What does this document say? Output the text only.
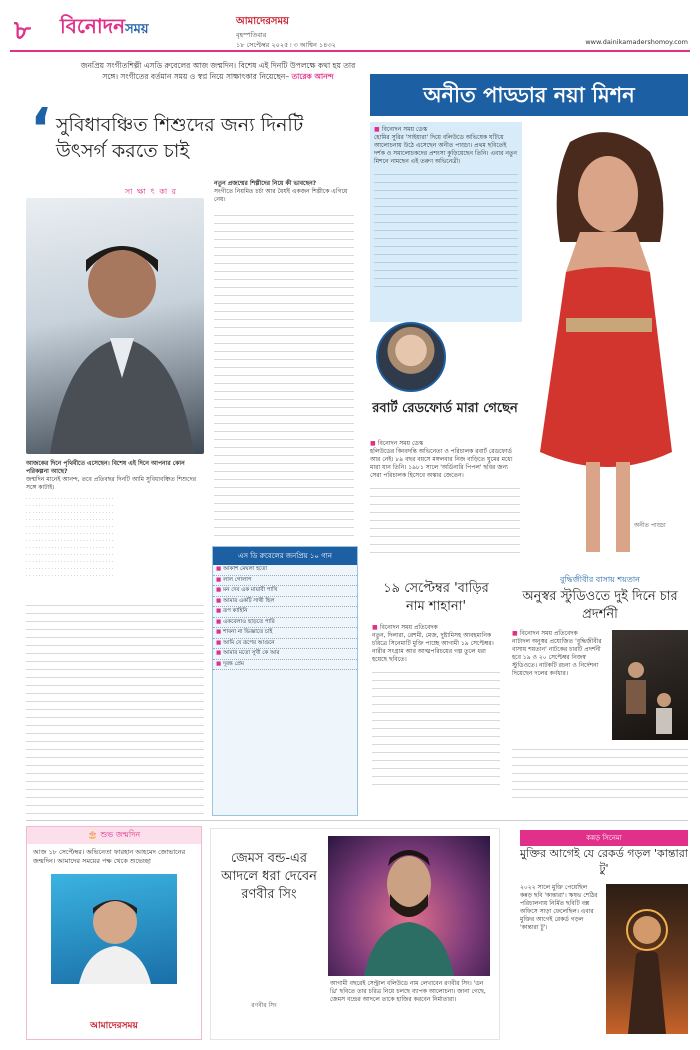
৮ বিনোদনসময়
আমাদেরসময়
বৃহস্পতিবার
১৮ সেপ্টেম্বর ২০২৫ ৷ ৩ আশ্বিন ১৪৩২	www.dainikamadershomoy.com
জনপ্রিয় সংগীতশিল্পী এসডি রুবেলের আজ জন্মদিন। বিশেষ এই দিনটি উপলক্ষে কথা হয় তার সঙ্গে। সংগীতের বর্তমান সময় ও স্বপ্ন নিয়ে সাক্ষাৎকার নিয়েছেন– তারেক আনন্দ
‘ সুবিধাবঞ্চিত শিশুদের জন্য দিনটি উৎসর্গ করতে চাই
সা ক্ষা ৎ কা র

আজকের দিনে পৃথিবীতে এসেছেন। বিশেষ এই দিনে আপনার কোন পরিকল্পনা আছে?

জন্মদিন মানেই আনন্দ, তবে প্রতিবছর দিনটি আমি সুবিধাবঞ্চিত শিশুদের সঙ্গে কাটাই।

· · · · · · · · · · · · · · · · · · · · · · · · · · · ·

· · · · · · · · · · · · · · · · · · · · · · · · · · · ·

· · · · · · · · · · · · · · · · · · · · · · · · · · · ·

· · · · · · · · · · · · · · · · · · · · · · · · · · · ·

· · · · · · · · · · · · · · · · · · · · · · · · · · · ·

· · · · · · · · · · · · · · · · · · · · · · · · · · · ·

· · · · · · · · · · · · · · · · · · · · · · · · · · · ·

· · · · · · · · · · · · · · · · · · · · · · · · · · · ·

· · · · · · · · · · · · · · · · · · · · · · · · · · · ·

· · · · · · · · · · · · · · · · · · · · · · · · · · · ·

· · · · · · · · · · · · · · · · · · · · · · · · · · · ·

· · · · · · · · · · · · · · · · · · · · · · · · · · · ·

নতুন প্রজন্মের শিল্পীদের নিয়ে কী ভাবছেন?

সংগীতে নিয়মিত চর্চা আর ধৈর্যই একজন শিল্পীকে এগিয়ে নেয়।

এস ডি রুবেলের জনপ্রিয় ১০ গান
■ আকাশ মেঘলা হতো
■ লাল গোলাপ
■ মন দেব এক মায়াবী পাখি
■ আমার একটি সাথী ছিল
■ রূপ কাহিনি
■ একবেলাও ছাড়তে পারি
■ শাবনা না ভিজ্ঞাতে চাই
■ আমি যে রূপের আগুনে
■ আমার মতো সুখী কে আর
■ দূরন্ত প্রেম
অনীত পাড্ডার নয়া মিশন

■ বিনোদন সময় ডেস্ক

হোমির সুরির 'সাইয়ারা' দিয়ে বলিউডে অভিষেক ঘটিয়ে আলোচনায় উঠে এসেছেন অনীত পাড্ডা। প্রথম ছবিতেই দর্শক ও সমালোচকদের প্রশংসা কুড়িয়েছেন তিনি। এবার নতুন মিশনে নামছেন এই তরুণ অভিনেত্রী।

অনীত পাড্ডা
রবার্ট রেডফোর্ড মারা গেছেন

■ বিনোদন সময় ডেস্ক

হলিউডের কিংবদন্তি অভিনেতা ও পরিচালক রবার্ট রেডফোর্ড আর নেই। ৮৯ বছর বয়সে মঙ্গলবার নিজ বাড়িতে ঘুমের মধ্যে মারা যান তিনি। ১৯৮১ সালে 'অর্ডিনারি পিপল' ছবির জন্য সেরা পরিচালক হিসেবে অস্কার জেতেন।

১৯ সেপ্টেম্বর 'বাড়ির নাম শাহানা'

■ বিনোদন সময় প্রতিবেদক

নতুন, দিলারা, রেশমী, মেজ, দুষ্টামিসহ আবহমানিক চরিত্রে সিনেমাটি মুক্তি পাচ্ছে আগামী ১৯ সেপ্টেম্বর। নারীর সংগ্রাম আর আত্মপরিচয়ের গল্প তুলে ধরা হয়েছে ছবিতে।

বুদ্ধিজীবীর বাসায় শয়তান
অনুস্বর স্টুডিওতে দুই দিনে চার প্রদর্শনী

■ বিনোদন সময় প্রতিবেদক

নাট্যদল অনুস্বর প্রযোজিত 'বুদ্ধিজীবীর বাসায় শয়তান' নাটকের চারটি প্রদর্শনী হবে ১৯ ও ২০ সেপ্টেম্বর নিজস্ব স্টুডিওতে। নাটকটি রচনা ও নির্দেশনা দিয়েছেন দলের কর্ণধার।

🎂 শুভ জন্মদিন

আজ ১৮ সেপ্টেম্বর। অভিনেতা ফারহান আহমেদ জোভানের জন্মদিন। আমাদের সময়ের পক্ষ থেকে শুভেচ্ছা

আমাদেরসময়
জেমস বন্ড-এর আদলে ধরা দেবেন রণবীর সিং

আগামী বছরেই সেন্ট্রাল বলিউডে নাম লেখাবেন রণবীর সিং। 'ডন থ্রি' ছবিতে তার চরিত্র নিয়ে চলছে ব্যাপক আলোচনা। জানা গেছে, জেমস বন্ডের আদলে তাকে হাজির করবেন নির্মাতারা।

রণবীর সিং
কন্নড় সিনেমা
মুক্তির আগেই যে রেকর্ড গড়ল 'কান্তারা টু'

২০২২ সালে মুক্তি পেয়েছিল কন্নড় ছবি 'কান্তারা'। ঋষভ শেঠির পরিচালনায় নির্মিত ছবিটি বক্স অফিসে সাড়া ফেলেছিল। এবার মুক্তির আগেই রেকর্ড গড়ল 'কান্তারা টু'।
